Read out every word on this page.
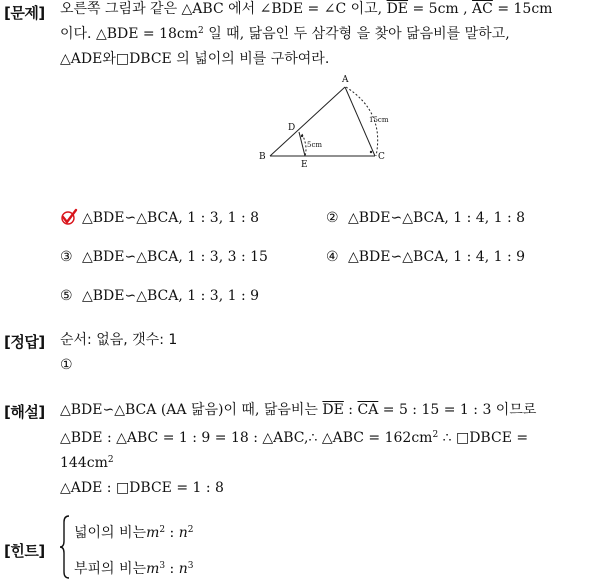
[문제] 오른쪽 그림과 같은 △ABC 에서 ∠BDE = ∠C 이고, $\overline{DE} = 5cm$ , $\overline{AC} = 15cm$
이다. △BDE = $18cm^2$ 일 때, 닮음인 두 삼각형 을 찾아 닮음비를 말하고,
△ADE와□DBCE 의 넓이의 비를 구하여라.
A
B	C
D
E
15cm
5cm
△BDE∽△BCA, 1 : 3, 1 : 8	② △BDE∽△BCA, 1 : 4, 1 : 8
③ △BDE∽△BCA, 1 : 3, 3 : 15	④ △BDE∽△BCA, 1 : 4, 1 : 9
⑤ △BDE∽△BCA, 1 : 3, 1 : 9
[정답] 순서: 없음, 갯수: 1
①
[해설] △BDE∽△BCA (AA 닮음)이 때, 닮음비는 $\overline{DE}$ : $\overline{CA} = 5$ : 15 = 1 : 3 이므로
△BDE : △ABC = 1 : 9 = 18 : △ABC,∴ △ABC = $162cm^2$ ∴ □DBCE =
$144cm^2$
△ADE : □DBCE = 1 : 8
[힌트]
넓이의 비는$m^2$ : $n^2$
부피의 비는$m^3$ : $n^3$
